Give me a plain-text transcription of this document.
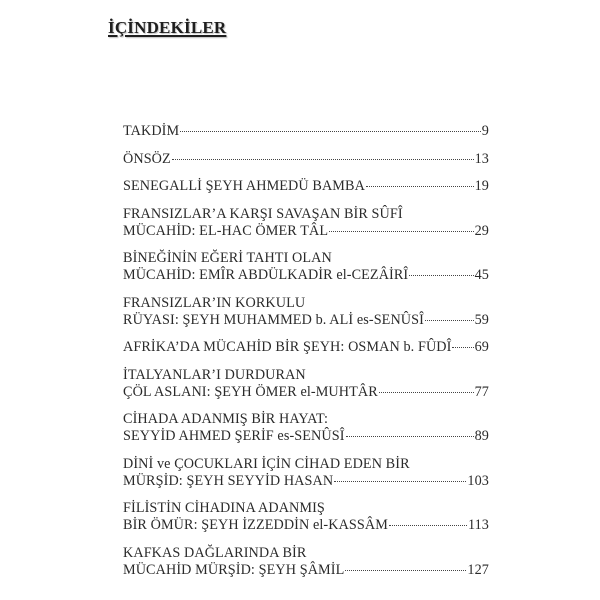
İÇİNDEKİLER
TAKDİM	9
ÖNSÖZ	13
SENEGALLİ ŞEYH AHMEDÜ BAMBA	19
FRANSIZLAR’A KARŞI SAVAŞAN BİR SÛFÎ
MÜCAHİD: EL-HAC ÖMER TÂL	29
BİNEĞİNİN EĞERİ TAHTI OLAN
MÜCAHİD: EMÎR ABDÜLKADİR el-CEZÂİRÎ	45
FRANSIZLAR’IN KORKULU
RÜYASI: ŞEYH MUHAMMED b. ALİ es-SENÛSÎ	59
AFRİKA’DA MÜCAHİD BİR ŞEYH: OSMAN b. FÛDÎ 69
İTALYANLAR’I DURDURAN
ÇÖL ASLANI: ŞEYH ÖMER el-MUHTÂR	77
CİHADA ADANMIŞ BİR HAYAT:
SEYYİD AHMED ŞERİF es-SENÛSÎ	89
DİNİ ve ÇOCUKLARI İÇİN CİHAD EDEN BİR
MÜRŞİD: ŞEYH SEYYİD HASAN	103
FİLİSTİN CİHADINA ADANMIŞ
BİR ÖMÜR: ŞEYH İZZEDDİN el-KASSÂM	113
KAFKAS DAĞLARINDA BİR
MÜCAHİD MÜRŞİD: ŞEYH ŞÂMİL	127
